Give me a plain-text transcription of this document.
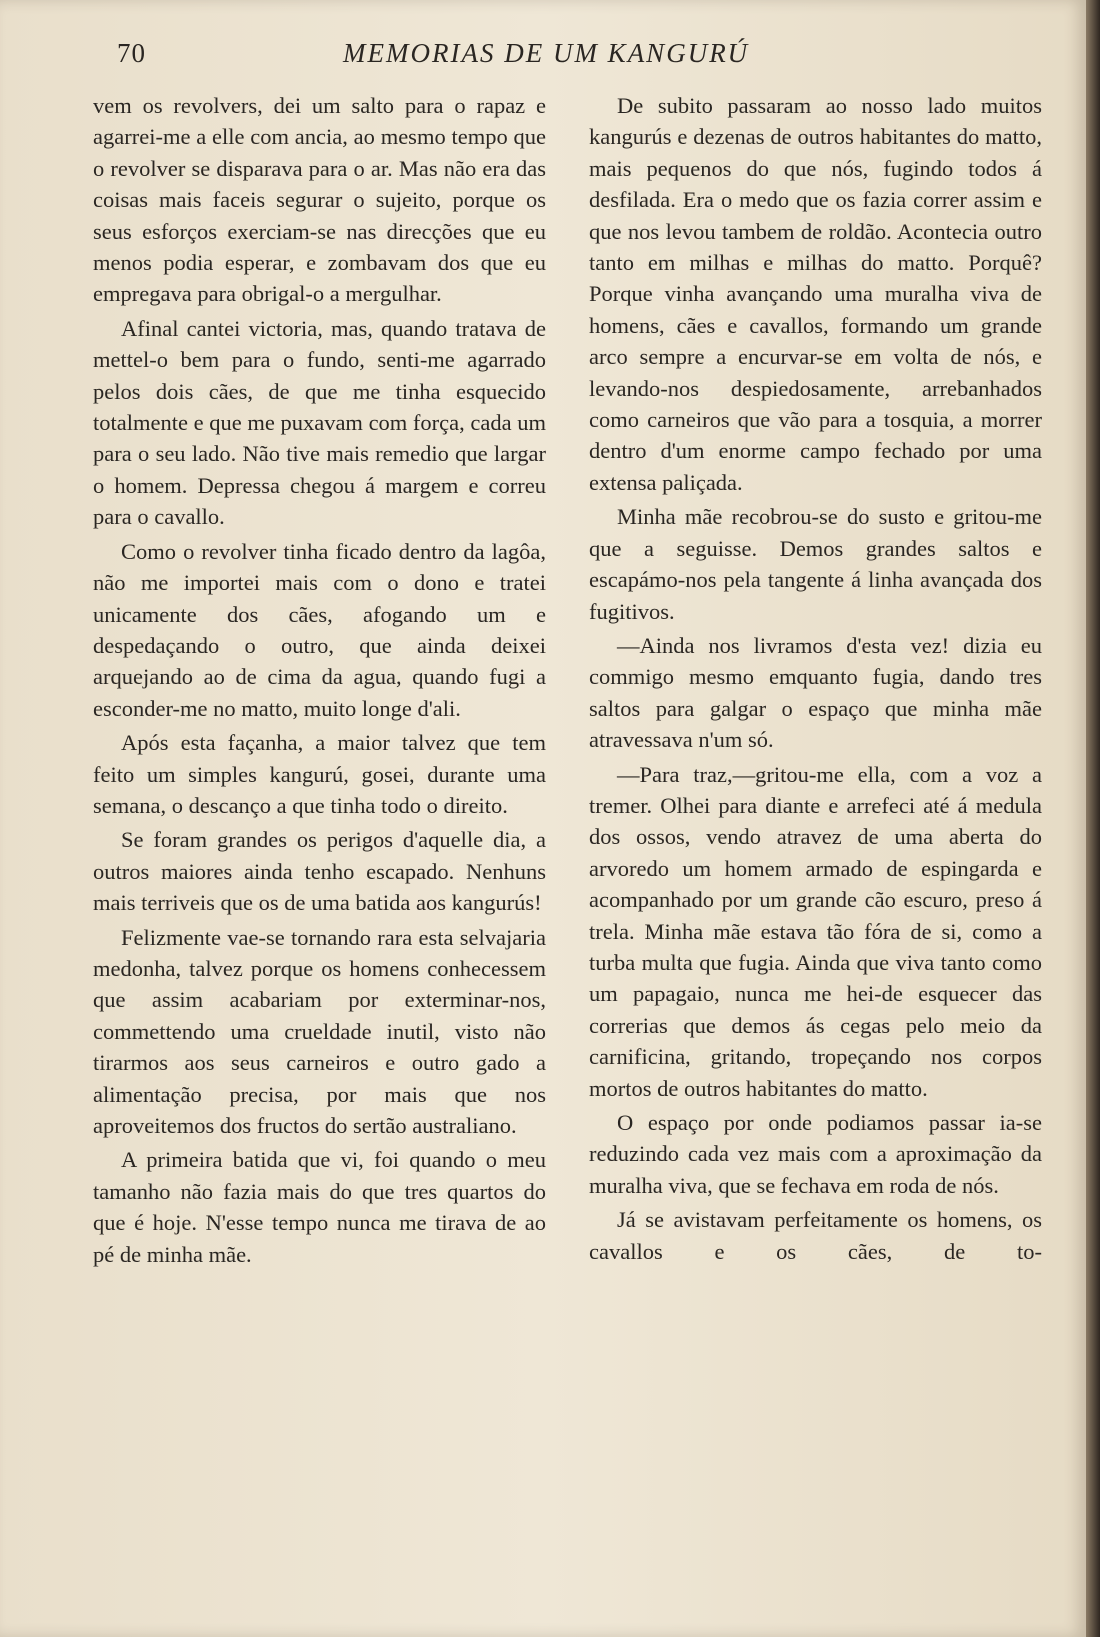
70	MEMORIAS DE UM KANGURÚ

vem os revolvers, dei um salto para o rapaz e agarrei-me a elle com ancia, ao mesmo tempo que o revolver se disparava para o ar. Mas não era das coisas mais faceis segurar o sujeito, porque os seus esforços exerciam-se nas direcções que eu menos podia esperar, e zombavam dos que eu empregava para obrigal-o a mergulhar.

Afinal cantei victoria, mas, quando tratava de mettel-o bem para o fundo, senti-me agarrado pelos dois cães, de que me tinha esquecido totalmente e que me puxavam com força, cada um para o seu lado. Não tive mais remedio que largar o homem. Depressa chegou á margem e correu para o cavallo.

Como o revolver tinha ficado dentro da lagôa, não me importei mais com o dono e tratei unicamente dos cães, afogando um e despedaçando o outro, que ainda deixei arquejando ao de cima da agua, quando fugi a esconder-me no matto, muito longe d'ali.

Após esta façanha, a maior talvez que tem feito um simples kangurú, gosei, durante uma semana, o descanço a que tinha todo o direito.

Se foram grandes os perigos d'aquelle dia, a outros maiores ainda tenho escapado. Nenhuns mais terriveis que os de uma batida aos kangurús!

Felizmente vae-se tornando rara esta selvajaria medonha, talvez porque os homens conhecessem que assim acabariam por exterminar-nos, commettendo uma crueldade inutil, visto não tirarmos aos seus carneiros e outro gado a alimentação precisa, por mais que nos aproveitemos dos fructos do sertão australiano.

A primeira batida que vi, foi quando o meu tamanho não fazia mais do que tres quartos do que é hoje. N'esse tempo nunca me tirava de ao pé de minha mãe.

De subito passaram ao nosso lado muitos kangurús e dezenas de outros habitantes do matto, mais pequenos do que nós, fugindo todos á desfilada. Era o medo que os fazia correr assim e que nos levou tambem de roldão. Acontecia outro tanto em milhas e milhas do matto. Porquê? Porque vinha avançando uma muralha viva de homens, cães e cavallos, formando um grande arco sempre a encurvar-se em volta de nós, e levando-nos despiedosamente, arrebanhados como carneiros que vão para a tosquia, a morrer dentro d'um enorme campo fechado por uma extensa paliçada.

Minha mãe recobrou-se do susto e gritou-me que a seguisse. Demos grandes saltos e escapámo-nos pela tangente á linha avançada dos fugitivos.

—Ainda nos livramos d'esta vez! dizia eu commigo mesmo emquanto fugia, dando tres saltos para galgar o espaço que minha mãe atravessava n'um só.

—Para traz,—gritou-me ella, com a voz a tremer. Olhei para diante e arrefeci até á medula dos ossos, vendo atravez de uma aberta do arvoredo um homem armado de espingarda e acompanhado por um grande cão escuro, preso á trela. Minha mãe estava tão fóra de si, como a turba multa que fugia. Ainda que viva tanto como um papagaio, nunca me hei-de esquecer das correrias que demos ás cegas pelo meio da carnificina, gritando, tropeçando nos corpos mortos de outros habitantes do matto.

O espaço por onde podiamos passar ia-se reduzindo cada vez mais com a aproximação da muralha viva, que se fechava em roda de nós.

Já se avistavam perfeitamente os homens, os cavallos e os cães, de to-
